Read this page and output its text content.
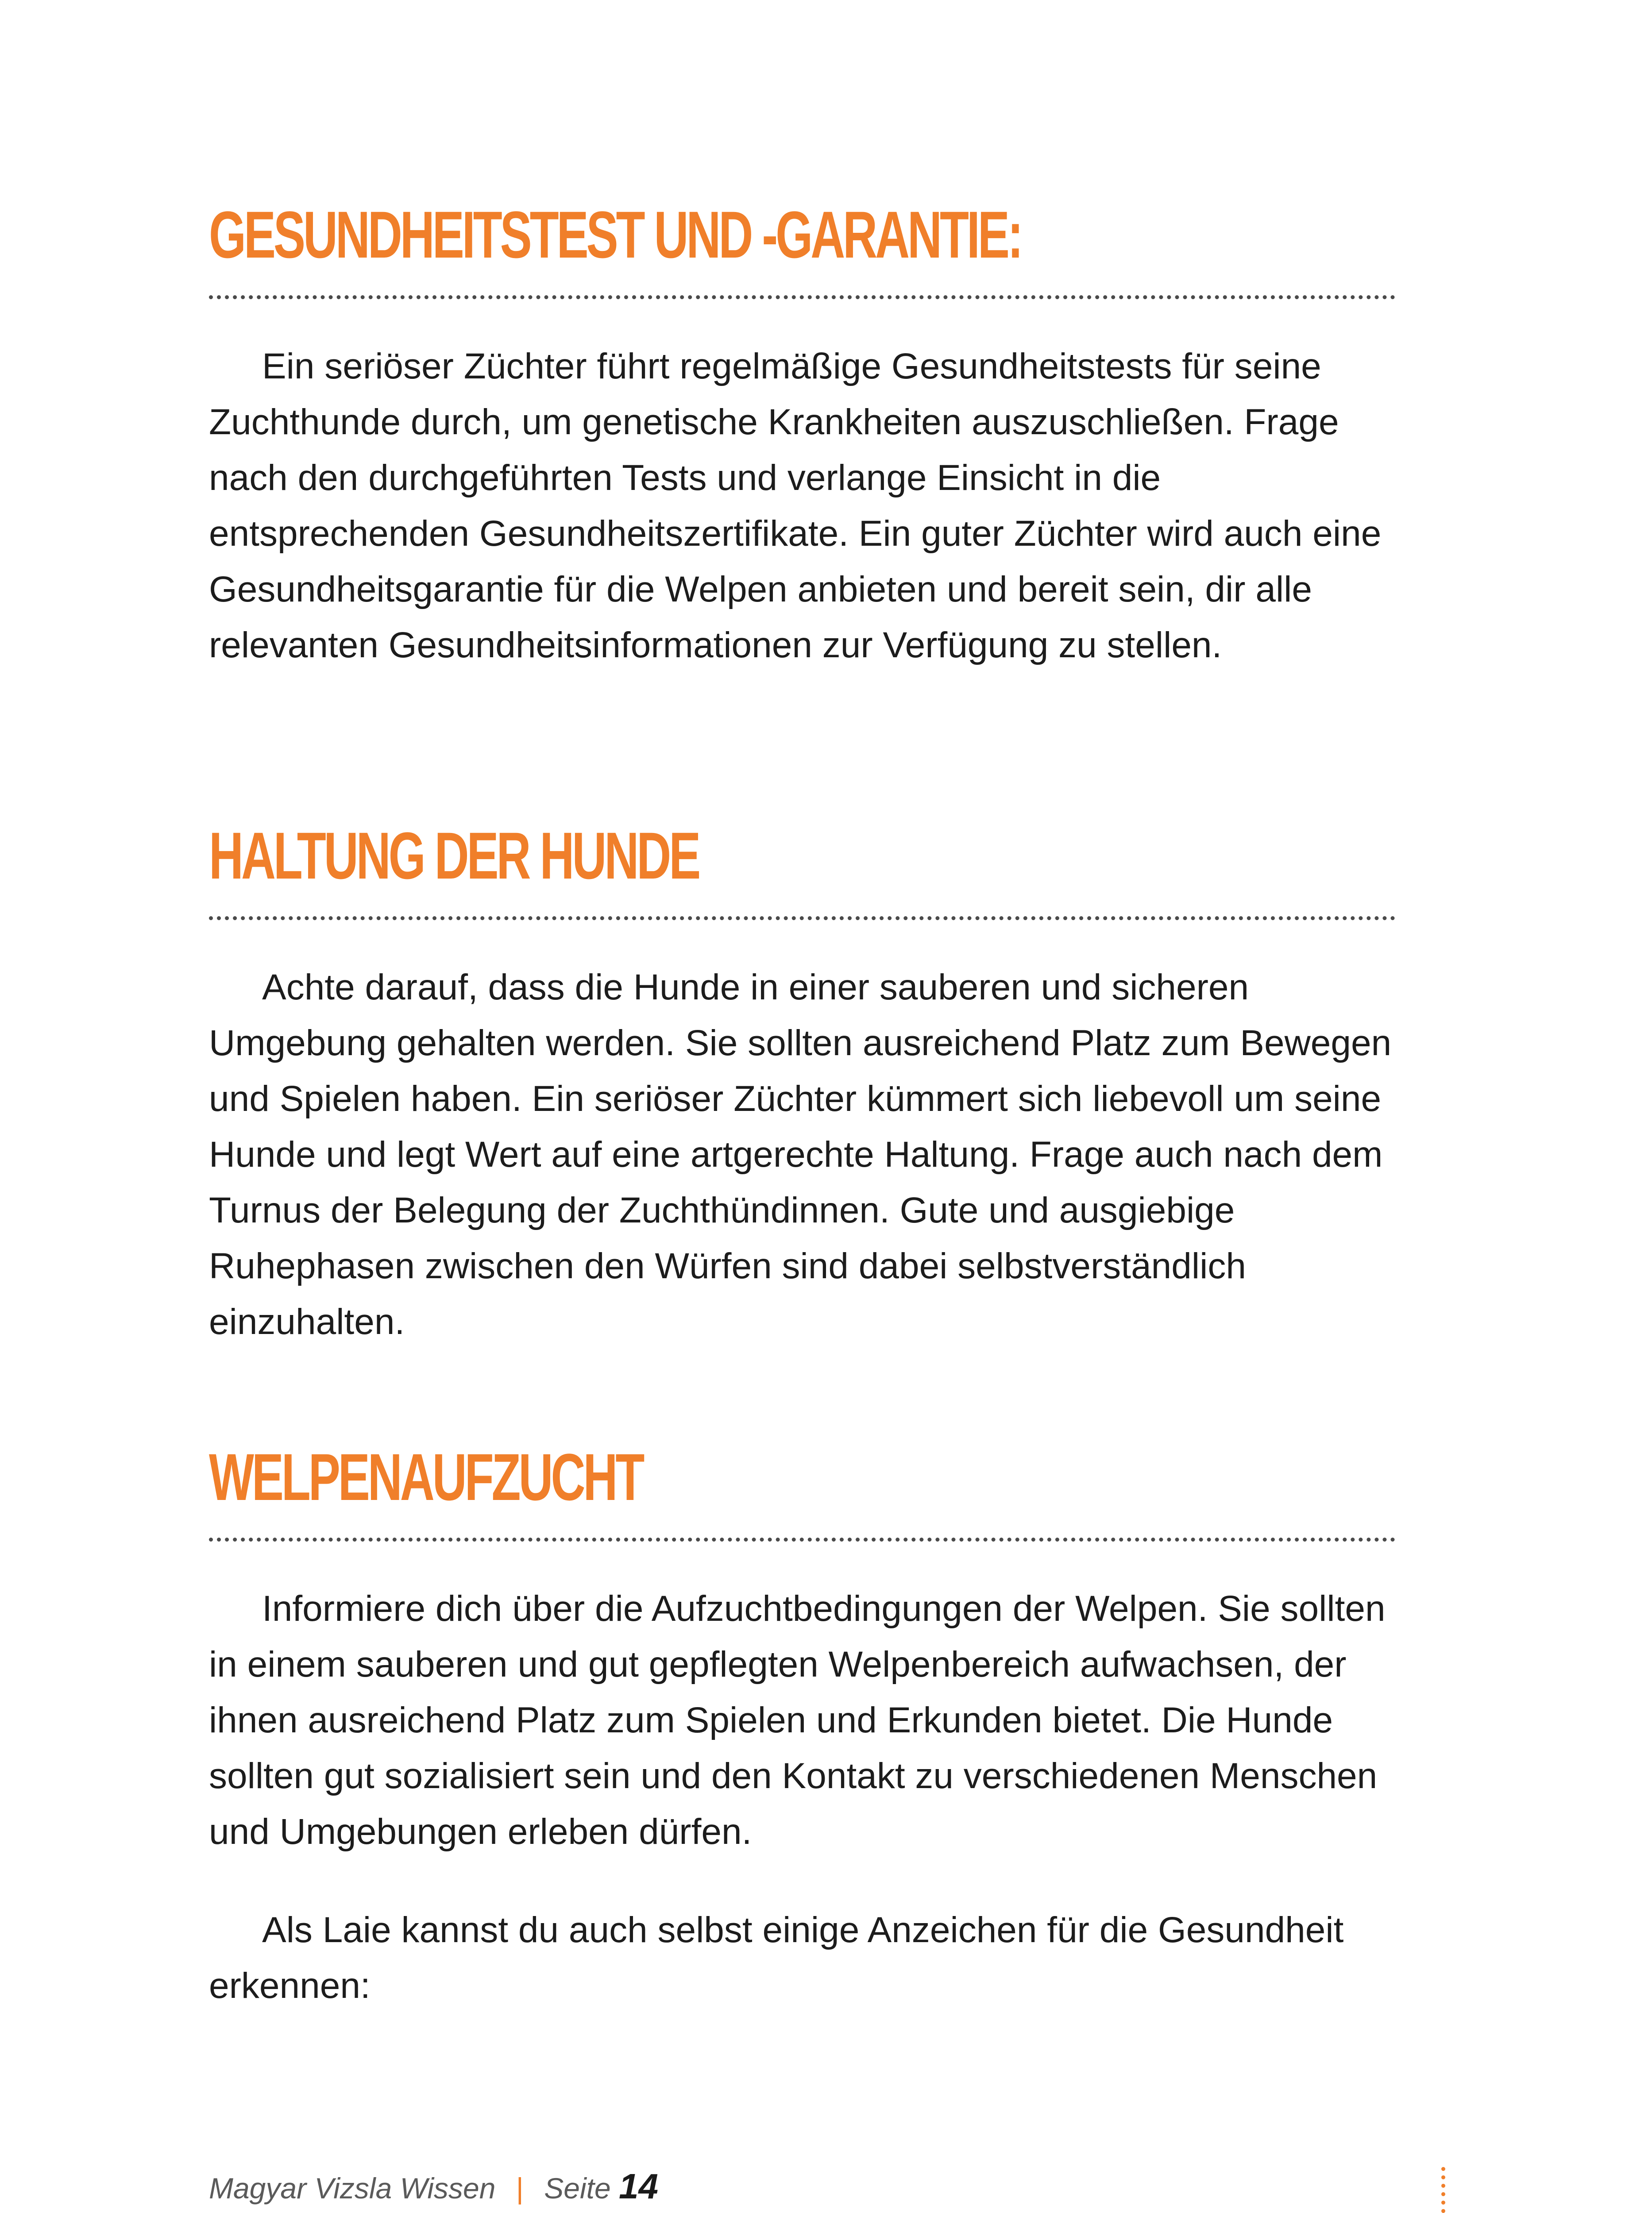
GESUNDHEITSTEST UND -GARANTIE:

Ein seriöser Züchter führt regelmäßige Gesundheitstests für seine Zuchthunde durch, um genetische Krankheiten auszuschließen. Frage nach den durchgeführten Tests und verlange Einsicht in die entsprechenden Gesundheitszertifikate. Ein guter Züchter wird auch eine Gesundheitsgarantie für die Welpen anbieten und bereit sein, dir alle relevanten Gesundheitsinformationen zur Verfügung zu stellen.

HALTUNG DER HUNDE

Achte darauf, dass die Hunde in einer sauberen und sicheren Umgebung gehalten werden. Sie sollten ausreichend Platz zum Bewegen und Spielen haben. Ein seriöser Züchter kümmert sich liebevoll um seine Hunde und legt Wert auf eine artgerechte Haltung. Frage auch nach dem Turnus der Belegung der Zuchthündinnen. Gute und ausgiebige Ruhephasen zwischen den Würfen sind dabei selbstverständlich einzuhalten.

WELPENAUFZUCHT

Informiere dich über die Aufzuchtbedingungen der Welpen. Sie sollten in einem sauberen und gut gepflegten Welpenbereich aufwachsen, der ihnen ausreichend Platz zum Spielen und Erkunden bietet. Die Hunde sollten gut sozialisiert sein und den Kontakt zu verschiedenen Menschen und Umgebungen erleben dürfen.

Als Laie kannst du auch selbst einige Anzeichen für die Gesundheit erkennen:

Magyar Vizsla Wissen | Seite 14
